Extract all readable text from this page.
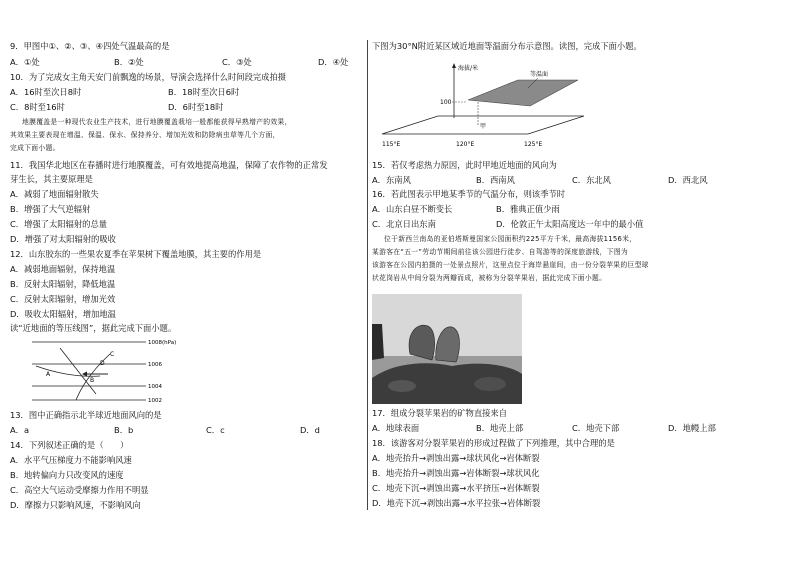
9．甲图中①、②、③、④四处气温最高的是
A．①处	B．②处	C．③处	D．④处
10．为了完成女主角天安门前飘逸的场景，导演会选择什么时间段完成拍摄
A．16时至次日8时	B．18时至次日6时
C．8时至16时	D．6时至18时
地膜覆盖是一种现代农业生产技术，进行地膜覆盖栽培一般都能获得早熟增产的效果，
其效果主要表现在增温、保温、保水、保持养分、增加光效和防除病虫草等几个方面，
完成下面小题。
11．我国华北地区在春播时进行地膜覆盖，可有效地提高地温，保障了农作物的正常发
芽生长，其主要原理是
A．减弱了地面辐射散失
B．增强了大气逆辐射
C．增强了太阳辐射的总量
D．增强了对太阳辐射的吸收
12．山东胶东的一些果农夏季在苹果树下覆盖地膜，其主要的作用是
A．减弱地面辐射，保持地温
B．反射太阳辐射，降低地温
C．反射太阳辐射，增加光效
D．吸收太阳辐射，增加地温
读“近地面的等压线图”，据此完成下面小题。
A
B
C
D
1008(hPa)
1006
1004
1002
13．图中正确指示北半球近地面风向的是
A．a	B．b	C．c	D．d
14．下列叙述正确的是（　　）
A．水平气压梯度力不能影响风速
B．地转偏向力只改变风的速度
C．高空大气运动受摩擦力作用不明显
D．摩擦力只影响风速，不影响风向
下图为30°N附近某区域近地面等温面分布示意图。读图，完成下面小题。
海拔/米
等温面
100
甲
115°E	120°E	125°E
15．若仅考虑热力原因，此时甲地近地面的风向为
A．东南风	B．西南风	C．东北风	D．西北风
16．若此图表示甲地某季节的气温分布，则该季节时
A．山东白昼不断变长	B．雅典正值少雨
C．北京日出东南	D．伦敦正午太阳高度达一年中的最小值
位于新西兰南岛的亚伯塔斯曼国家公园面积约225平方千米，最高海拔1156米，
某游客在“五一”劳动节期间前往该公园进行徒步、自驾游等的深度旅游线，下图为
该游客在公园内拍摄的一处景点照片，这里点位于海岸悬崖间，由一份分裂苹果的巨型球
状花岗岩从中间分裂为两瓣而成，被称为分裂苹果岩，据此完成下面小题。
17．组成分裂苹果岩的矿物直接来自
A．地球表面	B．地壳上部	C．地壳下部	D．地幔上部
18．该游客对分裂苹果岩的形成过程做了下列推理，其中合理的是
A．地壳抬升→剥蚀出露→球状风化→岩体断裂
B．地壳抬升→剥蚀出露→岩体断裂→球状风化
C．地壳下沉→剥蚀出露→水平挤压→岩体断裂
D．地壳下沉→剥蚀出露→水平拉张→岩体断裂
